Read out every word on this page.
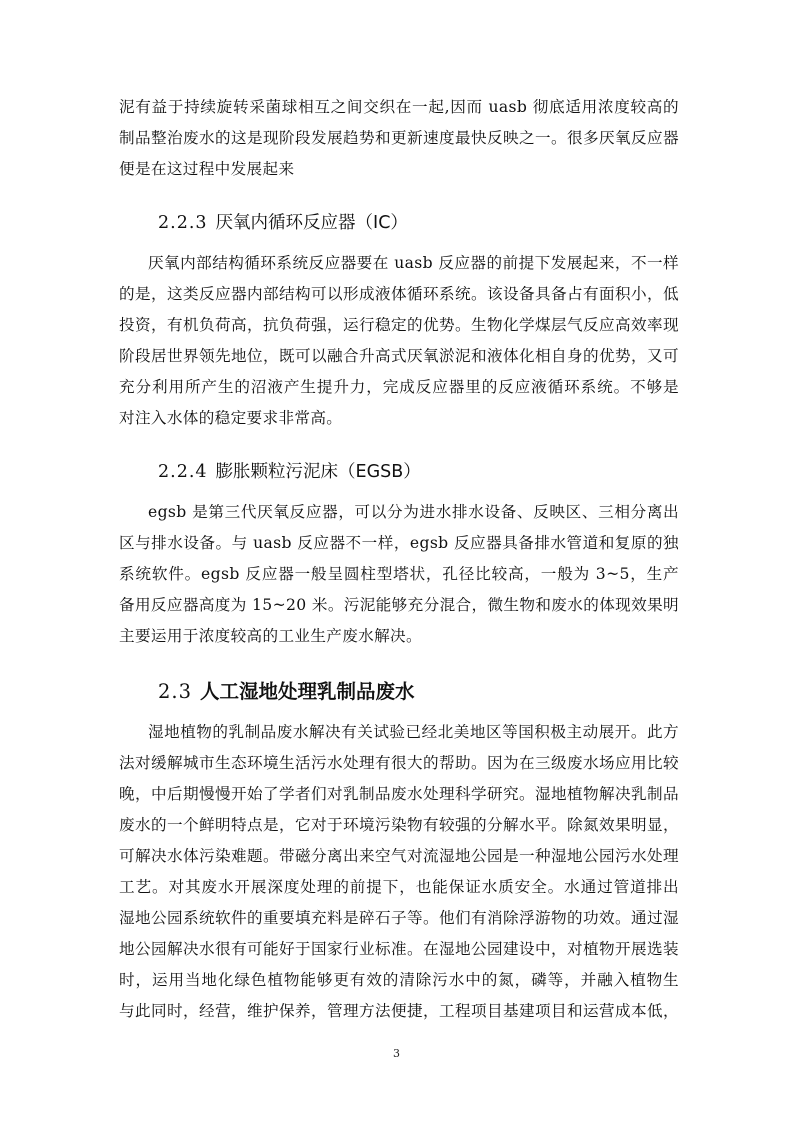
泥有益于持续旋转采菌球相互之间交织在一起,因而 uasb 彻底适用浓度较高的
制品整治废水的这是现阶段发展趋势和更新速度最快反映之一。很多厌氧反应器
便是在这过程中发展起来
2.2.3 厌氧内循环反应器（IC）
厌氧内部结构循环系统反应器要在 uasb 反应器的前提下发展起来，不一样
的是，这类反应器内部结构可以形成液体循环系统。该设备具备占有面积小，低
投资，有机负荷高，抗负荷强，运行稳定的优势。生物化学煤层气反应高效率现
阶段居世界领先地位，既可以融合升高式厌氧淤泥和液体化相自身的优势，又可
充分利用所产生的沼液产生提升力，完成反应器里的反应液循环系统。不够是
对注入水体的稳定要求非常高。
2.2.4 膨胀颗粒污泥床（EGSB）
egsb 是第三代厌氧反应器，可以分为进水排水设备、反映区、三相分离出
区与排水设备。与 uasb 反应器不一样，egsb 反应器具备排水管道和复原的独
系统软件。egsb 反应器一般呈圆柱型塔状，孔径比较高，一般为 3~5，生产
备用反应器高度为 15~20 米。污泥能够充分混合，微生物和废水的体现效果明
主要运用于浓度较高的工业生产废水解决。
2.3 人工湿地处理乳制品废水
湿地植物的乳制品废水解决有关试验已经北美地区等国积极主动展开。此方
法对缓解城市生态环境生活污水处理有很大的帮助。因为在三级废水场应用比较
晚，中后期慢慢开始了学者们对乳制品废水处理科学研究。湿地植物解决乳制品
废水的一个鲜明特点是，它对于环境污染物有较强的分解水平。除氮效果明显，
可解决水体污染难题。带磁分离出来空气对流湿地公园是一种湿地公园污水处理
工艺。对其废水开展深度处理的前提下，也能保证水质安全。水通过管道排出
湿地公园系统软件的重要填充料是碎石子等。他们有消除浮游物的功效。通过湿
地公园解决水很有可能好于国家行业标准。在湿地公园建设中，对植物开展选装
时，运用当地化绿色植物能够更有效的清除污水中的氮，磷等，并融入植物生
与此同时，经营，维护保养，管理方法便捷，工程项目基建项目和运营成本低，
3
